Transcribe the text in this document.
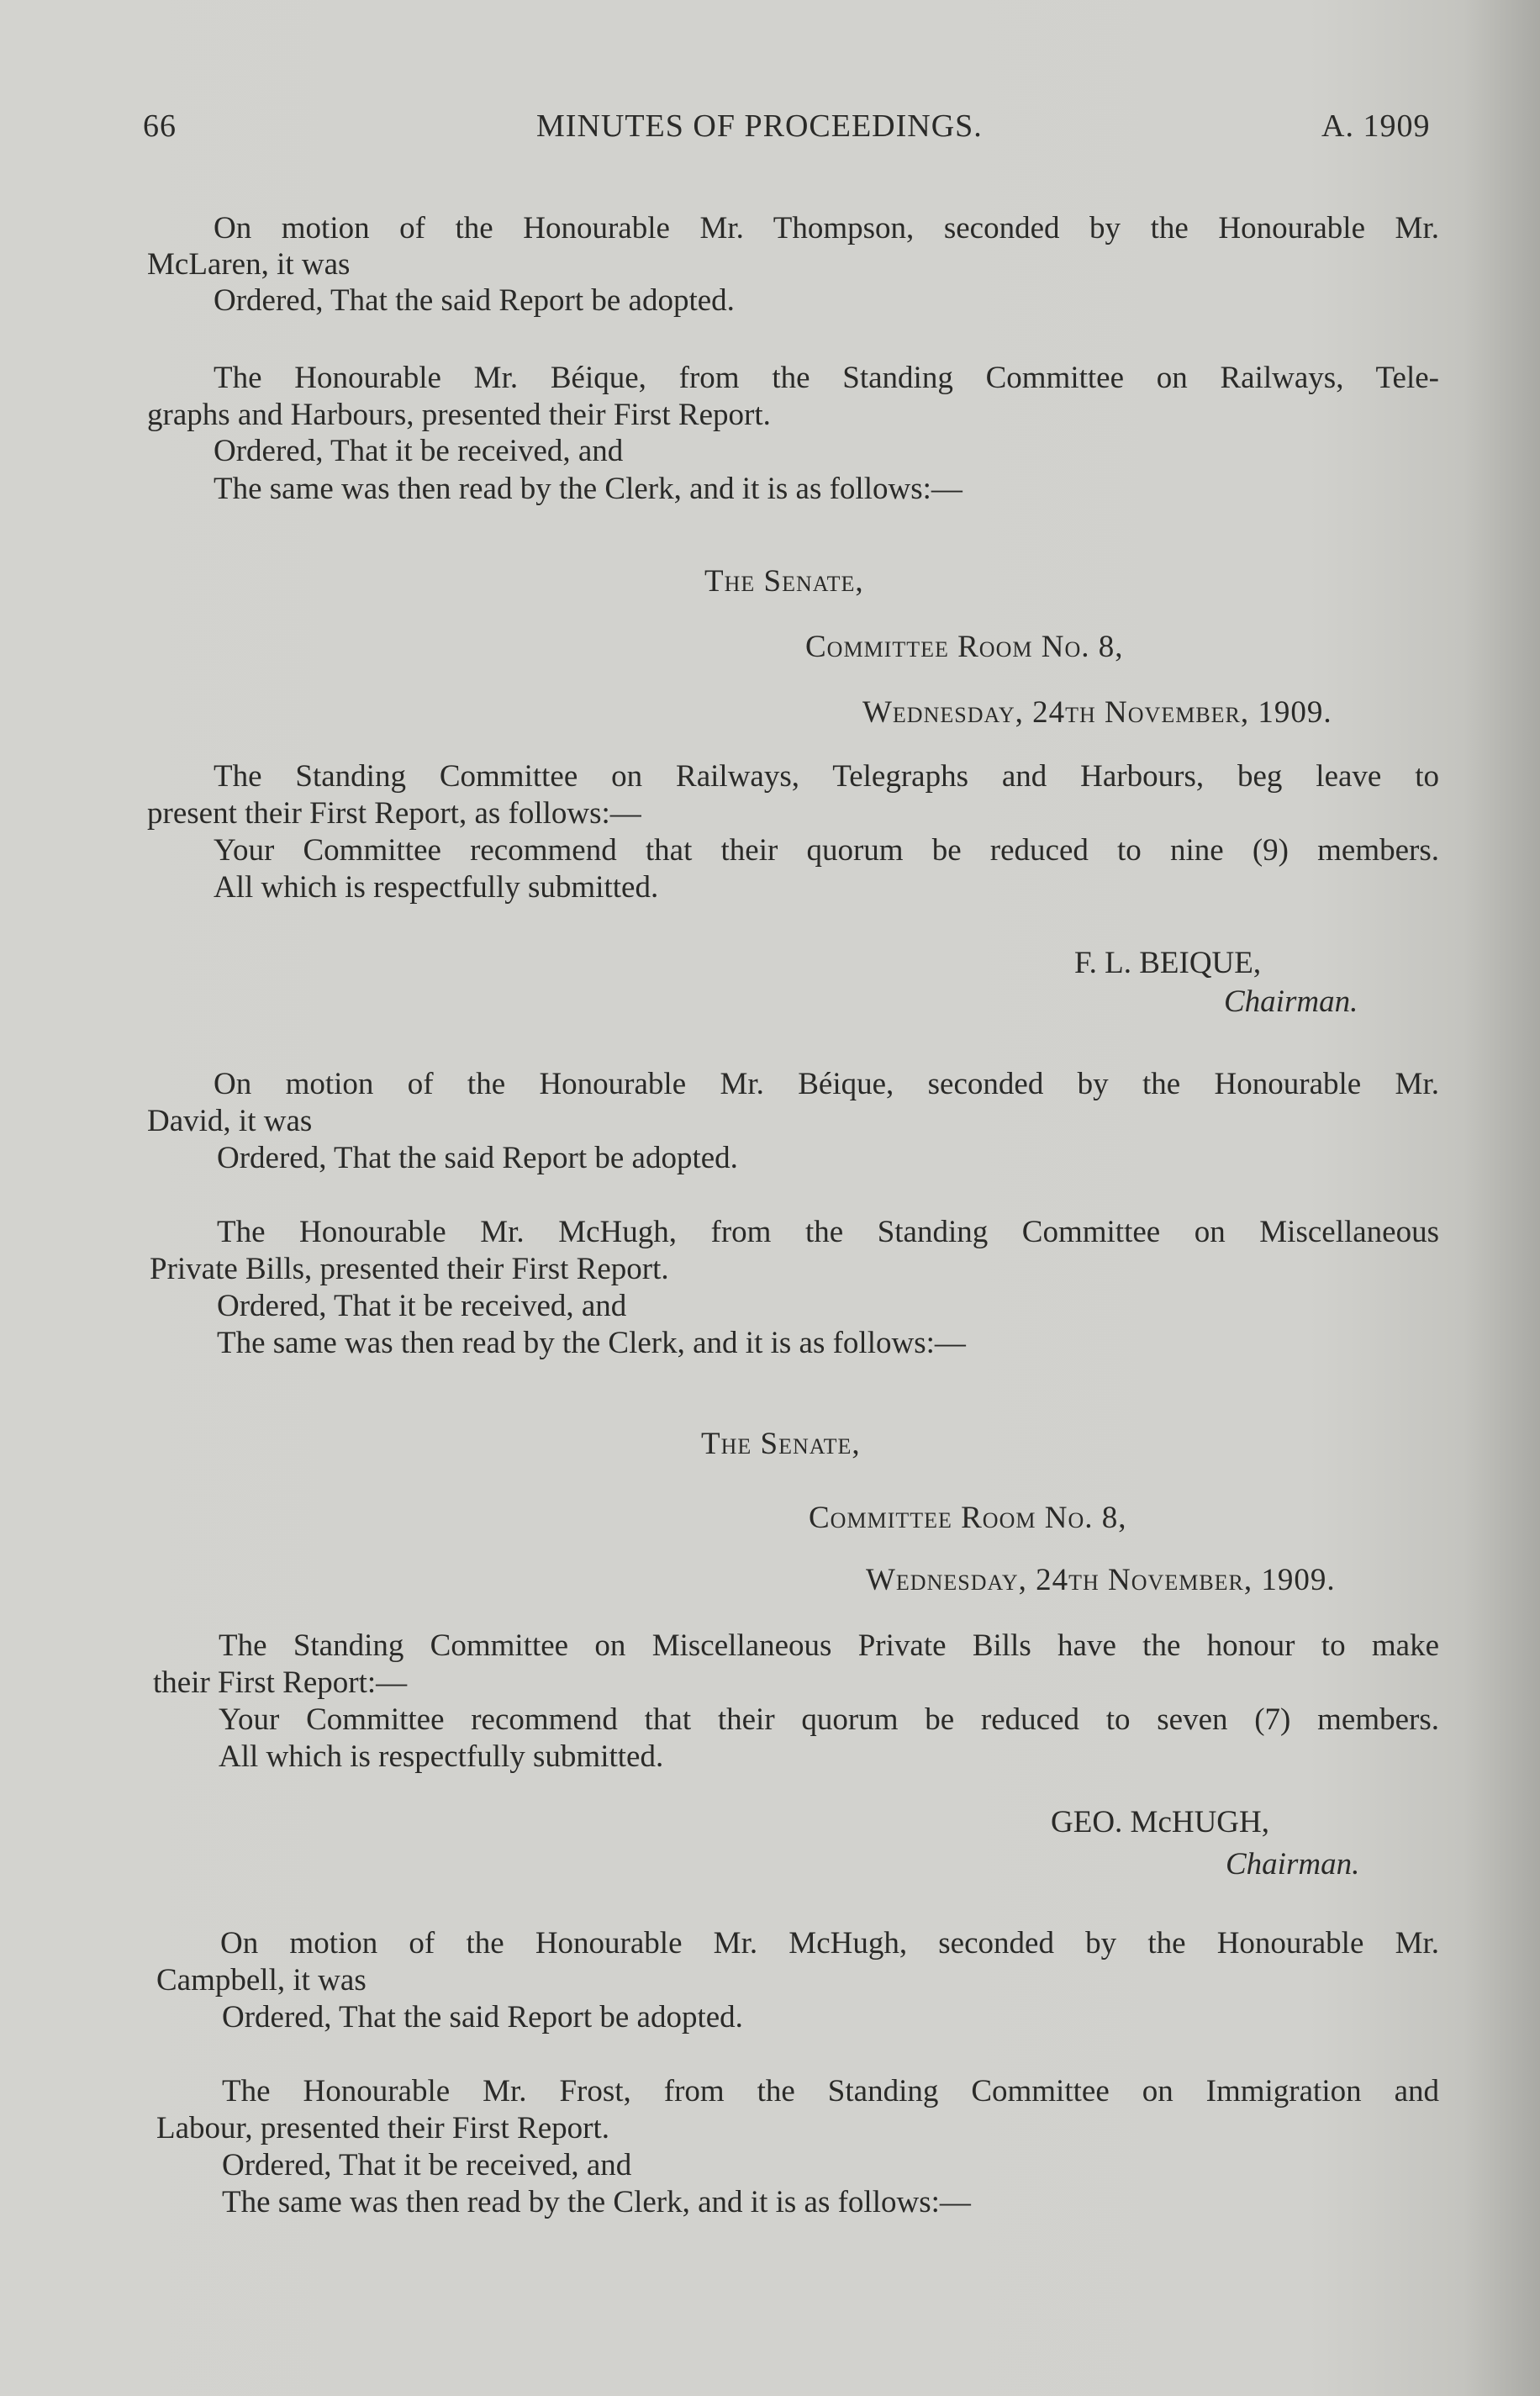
66	MINUTES OF PROCEEDINGS.	A. 1909
On motion of the Honourable Mr. Thompson, seconded by the Honourable Mr.
McLaren, it was
Ordered, That the said Report be adopted.
The Honourable Mr. Béique, from the Standing Committee on Railways, Tele-
graphs and Harbours, presented their First Report.
Ordered, That it be received, and
The same was then read by the Clerk, and it is as follows:—
The Senate,
Committee Room No. 8,
Wednesday, 24th November, 1909.
The Standing Committee on Railways, Telegraphs and Harbours, beg leave to
present their First Report, as follows:—
Your Committee recommend that their quorum be reduced to nine (9) members.
All which is respectfully submitted.
F. L. BEIQUE,
Chairman.
On motion of the Honourable Mr. Béique, seconded by the Honourable Mr.
David, it was
Ordered, That the said Report be adopted.
The Honourable Mr. McHugh, from the Standing Committee on Miscellaneous
Private Bills, presented their First Report.
Ordered, That it be received, and
The same was then read by the Clerk, and it is as follows:—
The Senate,
Committee Room No. 8,
Wednesday, 24th November, 1909.
The Standing Committee on Miscellaneous Private Bills have the honour to make
their First Report:—
Your Committee recommend that their quorum be reduced to seven (7) members.
All which is respectfully submitted.
GEO. McHUGH,
Chairman.
On motion of the Honourable Mr. McHugh, seconded by the Honourable Mr.
Campbell, it was
Ordered, That the said Report be adopted.
The Honourable Mr. Frost, from the Standing Committee on Immigration and
Labour, presented their First Report.
Ordered, That it be received, and
The same was then read by the Clerk, and it is as follows:—
